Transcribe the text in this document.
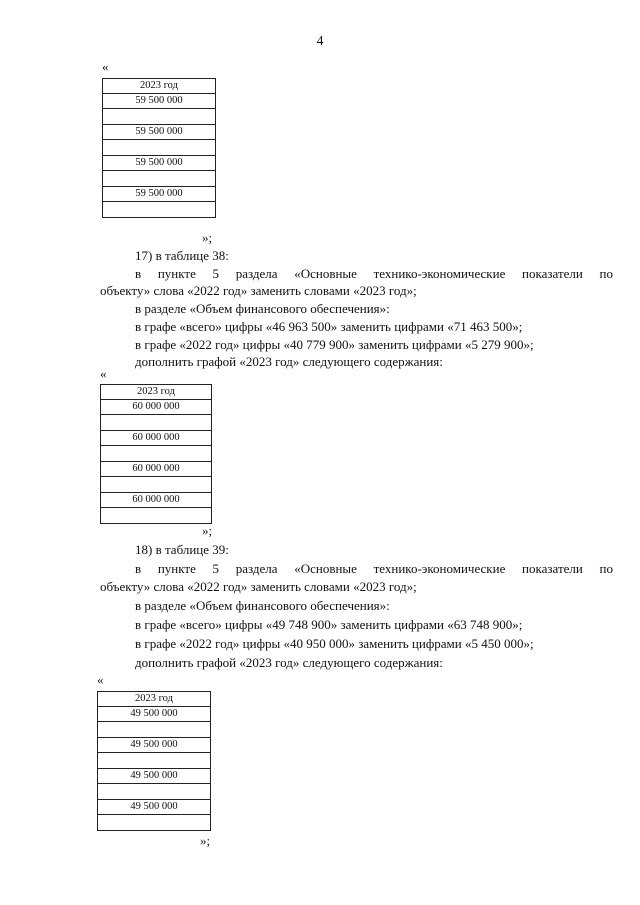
4
«
2023 год
59 500 000

59 500 000

59 500 000

59 500 000

»;
17) в таблице 38:
в пункте 5 раздела «Основные технико-экономические показатели по
объекту» слова «2022 год» заменить словами «2023 год»;
в разделе «Объем финансового обеспечения»:
в графе «всего» цифры «46 963 500» заменить цифрами «71 463 500»;
в графе «2022 год» цифры «40 779 900» заменить цифрами «5 279 900»;
дополнить графой «2023 год» следующего содержания:
«
2023 год
60 000 000

60 000 000

60 000 000

60 000 000

»;
18) в таблице 39:
в пункте 5 раздела «Основные технико-экономические показатели по
объекту» слова «2022 год» заменить словами «2023 год»;
в разделе «Объем финансового обеспечения»:
в графе «всего» цифры «49 748 900» заменить цифрами «63 748 900»;
в графе «2022 год» цифры «40 950 000» заменить цифрами «5 450 000»;
дополнить графой «2023 год» следующего содержания:
«
2023 год
49 500 000

49 500 000

49 500 000

49 500 000

»;
